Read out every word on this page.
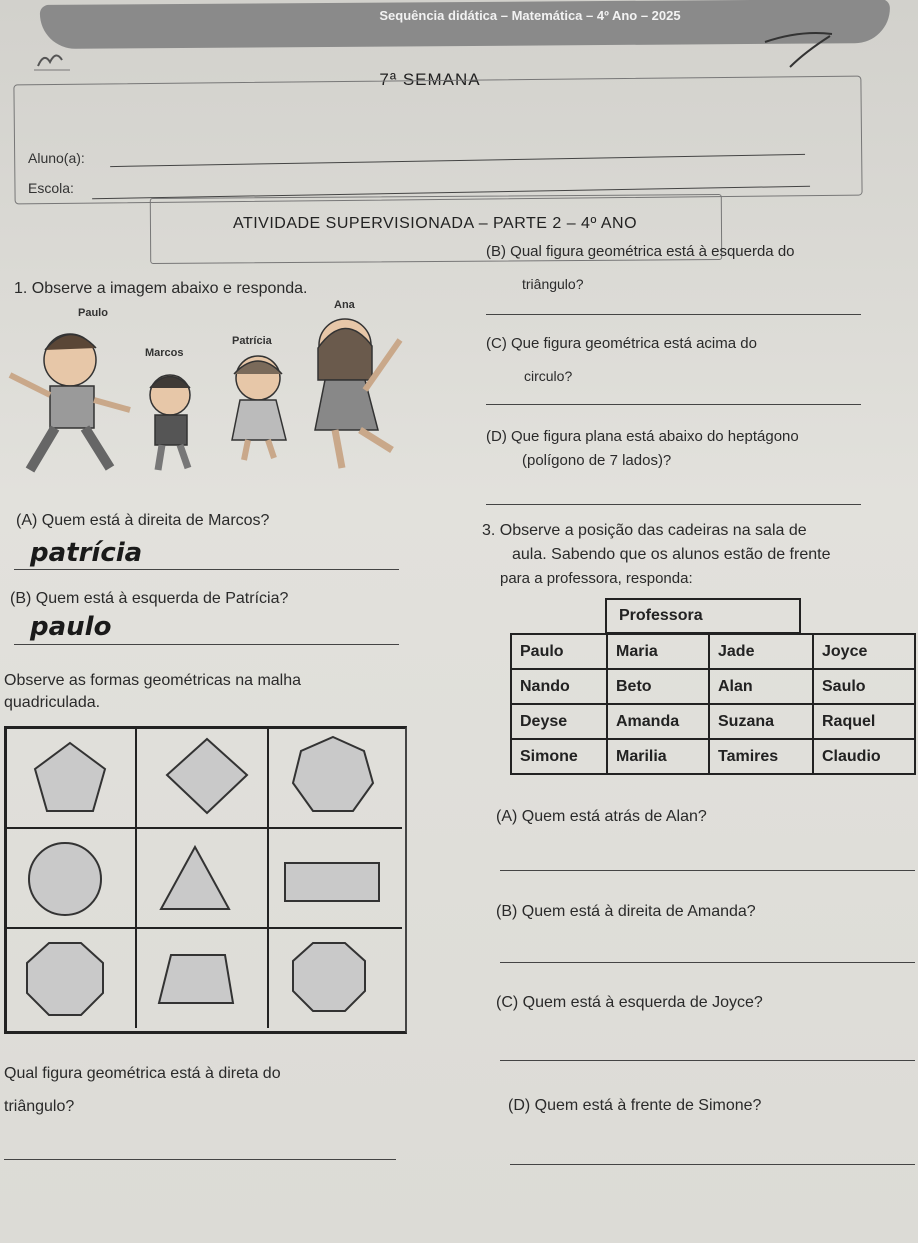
Sequência didática – Matemática – 4º Ano – 2025
7ª SEMANA
Aluno(a):
Escola:
ATIVIDADE SUPERVISIONADA – PARTE 2 – 4º ANO
1. Observe a imagem abaixo e responda.
Paulo
Marcos
Patrícia
Ana
(A) Quem está à direita de Marcos?
patrícia
(B) Quem está à esquerda de Patrícia?
paulo
Observe as formas geométricas na malha
quadriculada.
Qual figura geométrica está à direta do
triângulo?
(B) Qual figura geométrica está à esquerda do
triângulo?
(C) Que figura geométrica está acima do
circulo?
(D) Que figura plana está abaixo do heptágono
(polígono de 7 lados)?
3. Observe a posição das cadeiras na sala de
aula. Sabendo que os alunos estão de frente
para a professora, responda:
Professora
Paulo	Maria	Jade	Joyce
Nando	Beto	Alan	Saulo
Deyse	Amanda	Suzana	Raquel
Simone	Marilia	Tamires	Claudio
(A) Quem está atrás de Alan?
(B) Quem está à direita de Amanda?
(C) Quem está à esquerda de Joyce?
(D) Quem está à frente de Simone?
